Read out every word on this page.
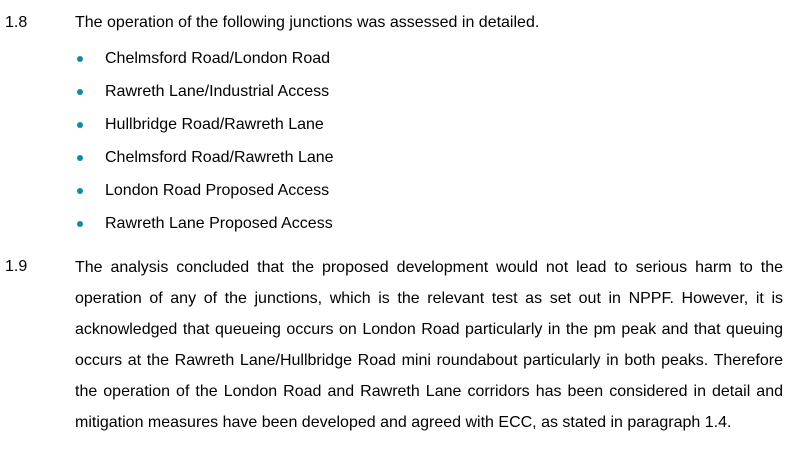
1.8	The operation of the following junctions was assessed in detailed.
Chelmsford Road/London Road
Rawreth Lane/Industrial Access
Hullbridge Road/Rawreth Lane
Chelmsford Road/Rawreth Lane
London Road Proposed Access
Rawreth Lane Proposed Access
1.9	The analysis concluded that the proposed development would not lead to serious harm to the operation of any of the junctions, which is the relevant test as set out in NPPF. However, it is acknowledged that queueing occurs on London Road particularly in the pm peak and that queuing occurs at the Rawreth Lane/Hullbridge Road mini roundabout particularly in both peaks. Therefore the operation of the London Road and Rawreth Lane corridors has been considered in detail and mitigation measures have been developed and agreed with ECC, as stated in paragraph 1.4.
